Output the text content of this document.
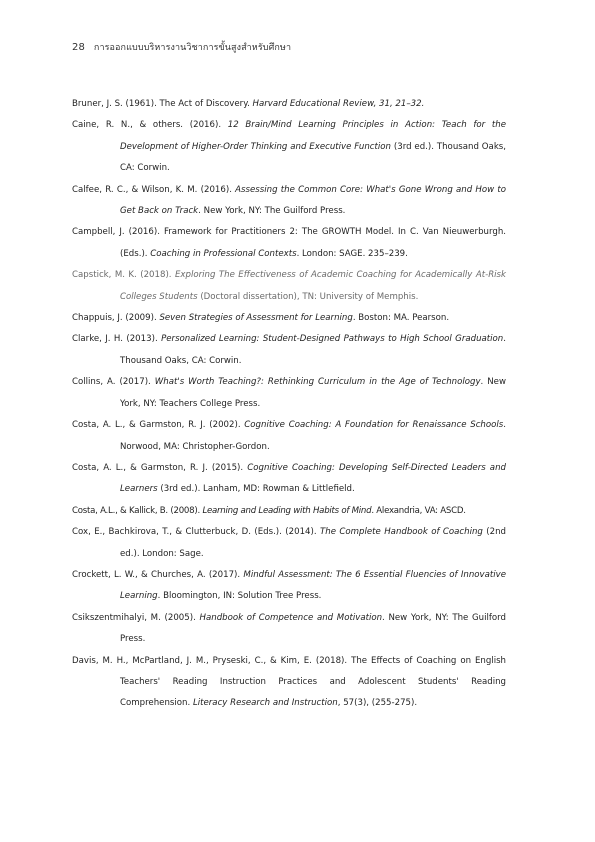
28 การออกแบบบริหารงานวิชาการขั้นสูงสำหรับศึกษา

Bruner, J. S. (1961). The Act of Discovery. Harvard Educational Review, 31, 21–32.

Caine, R. N., & others. (2016). 12 Brain/Mind Learning Principles in Action: Teach for the Development of Higher-Order Thinking and Executive Function (3rd ed.). Thousand Oaks, CA: Corwin.

Calfee, R. C., & Wilson, K. M. (2016). Assessing the Common Core: What's Gone Wrong and How to Get Back on Track. New York, NY: The Guilford Press.

Campbell, J. (2016). Framework for Practitioners 2: The GROWTH Model. In C. Van Nieuwerburgh. (Eds.). Coaching in Professional Contexts. London: SAGE. 235–239.

Capstick, M. K. (2018). Exploring The Effectiveness of Academic Coaching for Academically At-Risk Colleges Students (Doctoral dissertation), TN: University of Memphis.

Chappuis, J. (2009). Seven Strategies of Assessment for Learning. Boston: MA. Pearson.

Clarke, J. H. (2013). Personalized Learning: Student-Designed Pathways to High School Graduation. Thousand Oaks, CA: Corwin.

Collins, A. (2017). What's Worth Teaching?: Rethinking Curriculum in the Age of Technology. New York, NY: Teachers College Press.

Costa, A. L., & Garmston, R. J. (2002). Cognitive Coaching: A Foundation for Renaissance Schools. Norwood, MA: Christopher-Gordon.

Costa, A. L., & Garmston, R. J. (2015). Cognitive Coaching: Developing Self-Directed Leaders and Learners (3rd ed.). Lanham, MD: Rowman & Littlefield.

Costa, A.L., & Kallick, B. (2008). Learning and Leading with Habits of Mind. Alexandria, VA: ASCD.

Cox, E., Bachkirova, T., & Clutterbuck, D. (Eds.). (2014). The Complete Handbook of Coaching (2nd ed.). London: Sage.

Crockett, L. W., & Churches, A. (2017). Mindful Assessment: The 6 Essential Fluencies of Innovative Learning. Bloomington, IN: Solution Tree Press.

Csikszentmihalyi, M. (2005). Handbook of Competence and Motivation. New York, NY: The Guilford Press.

Davis, M. H., McPartland, J. M., Pryseski, C., & Kim, E. (2018). The Effects of Coaching on English Teachers' Reading Instruction Practices and Adolescent Students' Reading Comprehension. Literacy Research and Instruction, 57(3), (255-275).
